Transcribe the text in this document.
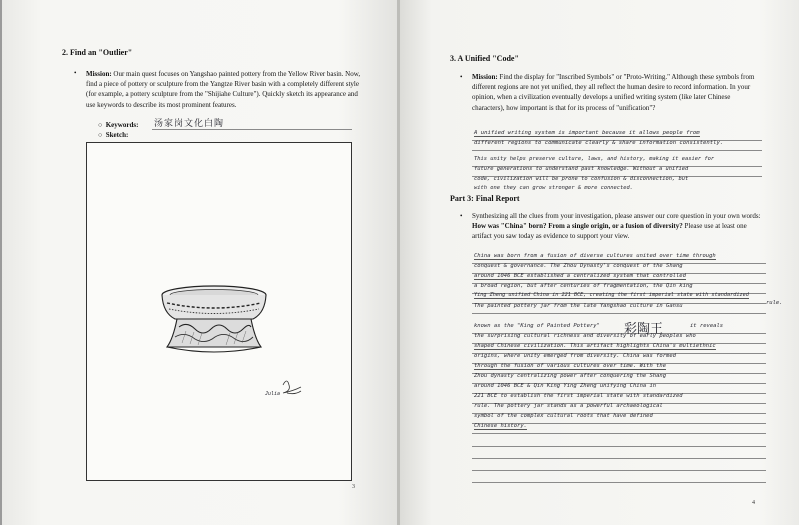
2. Find an "Outlier"
• Mission: Our main quest focuses on Yangshao painted pottery from the Yellow River basin. Now, find a piece of pottery or sculpture from the Yangtze River basin with a completely different style (for example, a pottery sculpture from the "Shijiahe Culture"). Quickly sketch its appearance and use keywords to describe its most prominent features.
○  Keywords: 汤家岗文化白陶
○  Sketch:
Julia
3
3. A Unified "Code"
• Mission: Find the display for "Inscribed Symbols" or "Proto-Writing." Although these symbols from different regions are not yet unified, they all reflect the human desire to record information. In your opinion, when a civilization eventually develops a unified writing system (like later Chinese characters), how important is that for its process of "unification"?
A unified writing system is important because it allows people from
different regions to communicate clearly & share information consistently.
This unity helps preserve culture, laws, and history, making it easier for
future generations to understand past knowledge. Without a unified
code, civilization will be prone to confusion & disconnection, but
with one they can grow stronger & more connected.
Part 3: Final Report
• Synthesizing all the clues from your investigation, please answer our core question in your own words: How was "China" born? From a single origin, or a fusion of diversity? Please use at least one artifact you saw today as evidence to support your view.
China was born from a fusion of diverse cultures united over time through
conquest & governance. The Zhou Dynasty's conquest of the Shang
around 1046 BCE established a centralized system that controlled
a broad region, but after centuries of fragmentation, the Qin king
Ying Zheng unified China in 221 BCE, creating the first imperial state with standardized
rule.
The painted pottery jar from the late Yangshao culture in Gansu
known as the "King of Painted Pottery" 彩陶王	it reveals
the surprising cultural richness and diversity of early peoples who
shaped Chinese civilization. This artifact highlights China's multiethnic
origins, where unity emerged from diversity. China was formed
through the fusion of various cultures over time. With the
Zhou dynasty centralizing power after conquering the Shang
around 1046 BCE & Qin King Ying Zheng unifying China in
221 BCE to establish the first imperial state with standardized
rule. The pottery jar stands as a powerful archaeological
symbol of the complex cultural roots that have defined
Chinese history.
4
